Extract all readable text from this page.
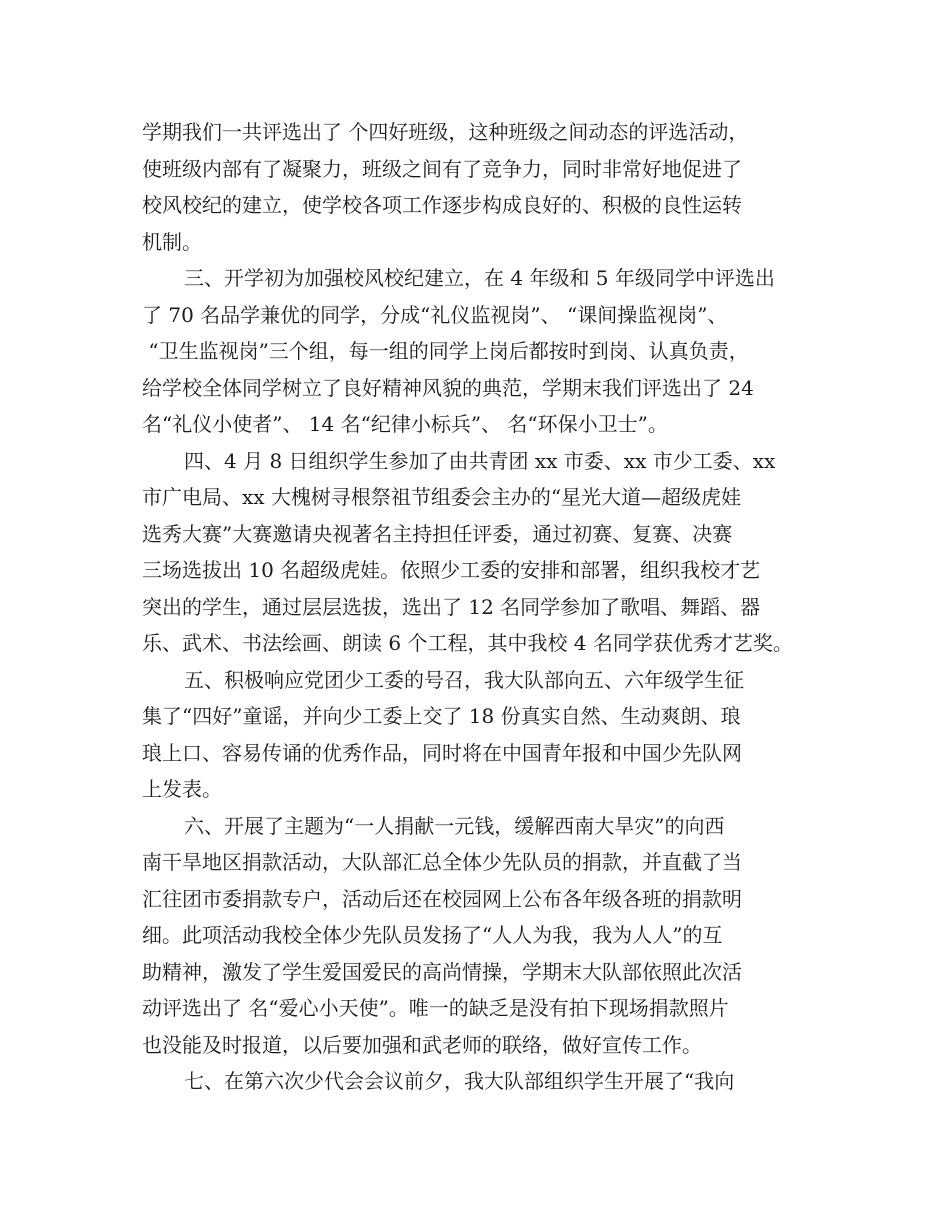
学期我们一共评选出了 个四好班级，这种班级之间动态的评选活动，
使班级内部有了凝聚力，班级之间有了竞争力，同时非常好地促进了
校风校纪的建立，使学校各项工作逐步构成良好的、积极的良性运转
机制。
三、开学初为加强校风校纪建立，在 4 年级和 5 年级同学中评选出
了 70 名品学兼优的同学，分成“礼仪监视岗”、 “课间操监视岗”、
“卫生监视岗”三个组，每一组的同学上岗后都按时到岗、认真负责，
给学校全体同学树立了良好精神风貌的典范，学期末我们评选出了 24
名“礼仪小使者”、 14 名“纪律小标兵”、 名“环保小卫士”。
四、4 月 8 日组织学生参加了由共青团 xx 市委、xx 市少工委、xx
市广电局、xx 大槐树寻根祭祖节组委会主办的“星光大道—超级虎娃
选秀大赛”大赛邀请央视著名主持担任评委，通过初赛、复赛、决赛
三场选拔出 10 名超级虎娃。依照少工委的安排和部署，组织我校才艺
突出的学生，通过层层选拔，选出了 12 名同学参加了歌唱、舞蹈、器
乐、武术、书法绘画、朗读 6 个工程，其中我校 4 名同学获优秀才艺奖。
五、积极响应党团少工委的号召，我大队部向五、六年级学生征
集了“四好”童谣，并向少工委上交了 18 份真实自然、生动爽朗、琅
琅上口、容易传诵的优秀作品，同时将在中国青年报和中国少先队网
上发表。
六、开展了主题为“一人捐献一元钱，缓解西南大旱灾”的向西
南干旱地区捐款活动，大队部汇总全体少先队员的捐款，并直截了当
汇往团市委捐款专户，活动后还在校园网上公布各年级各班的捐款明
细。此项活动我校全体少先队员发扬了“人人为我，我为人人”的互
助精神，激发了学生爱国爱民的高尚情操，学期末大队部依照此次活
动评选出了 名“爱心小天使”。唯一的缺乏是没有拍下现场捐款照片
也没能及时报道，以后要加强和武老师的联络，做好宣传工作。
七、在第六次少代会会议前夕，我大队部组织学生开展了“我向
